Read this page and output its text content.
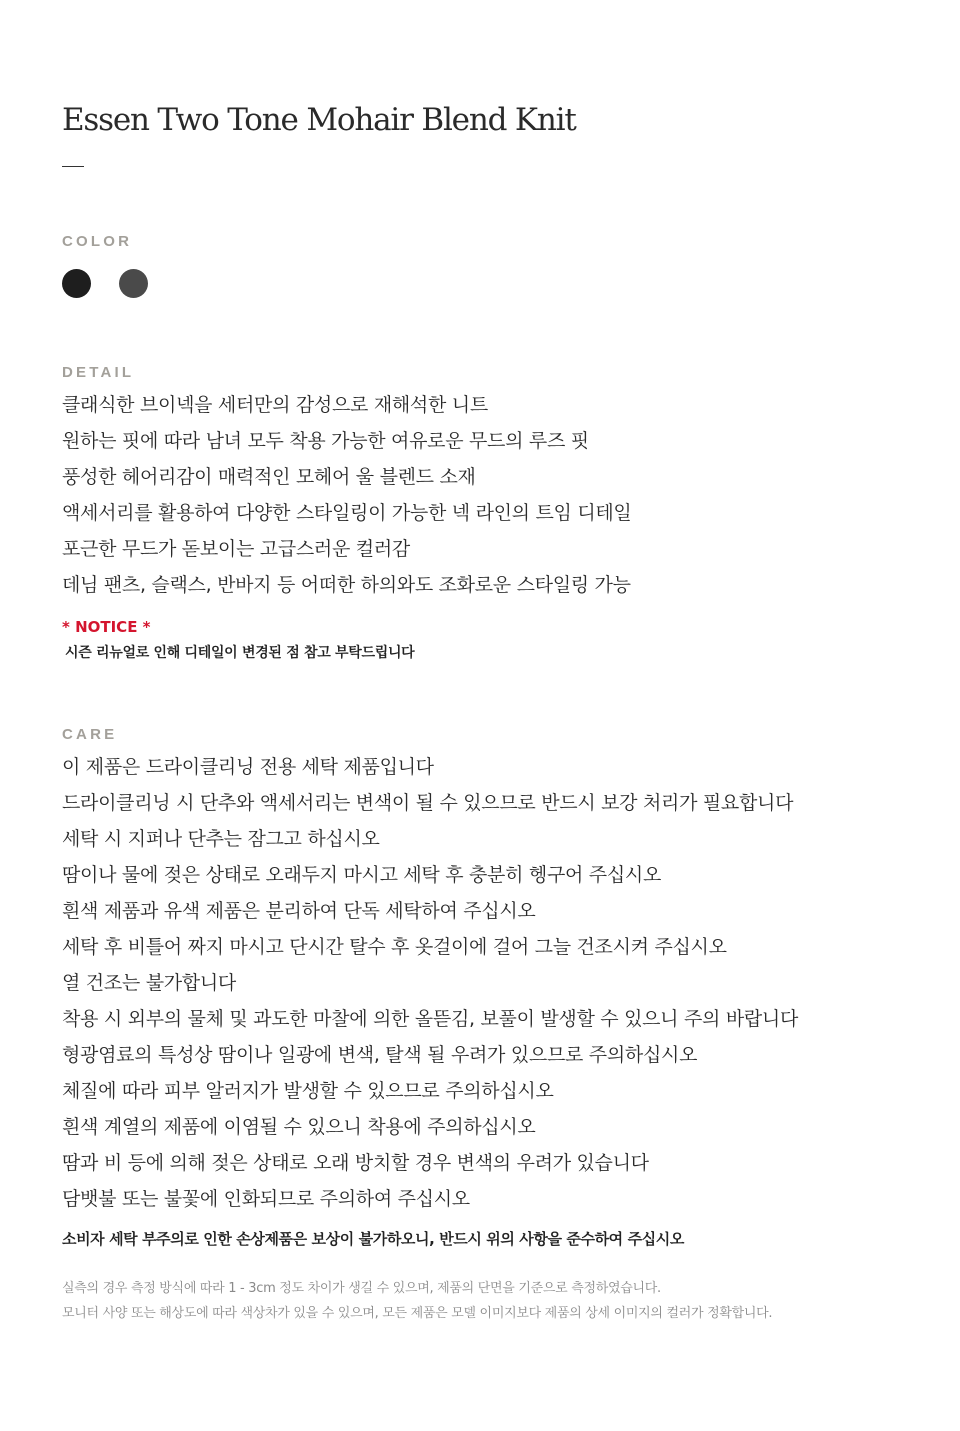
Essen Two Tone Mohair Blend Knit
COLOR
DETAIL
클래식한 브이넥을 세터만의 감성으로 재해석한 니트
원하는 핏에 따라 남녀 모두 착용 가능한 여유로운 무드의 루즈 핏
풍성한 헤어리감이 매력적인 모헤어 울 블렌드 소재
액세서리를 활용하여 다양한 스타일링이 가능한 넥 라인의 트임 디테일
포근한 무드가 돋보이는 고급스러운 컬러감
데님 팬츠, 슬랙스, 반바지 등 어떠한 하의와도 조화로운 스타일링 가능
* NOTICE *
시즌 리뉴얼로 인해 디테일이 변경된 점 참고 부탁드립니다
CARE
이 제품은 드라이클리닝 전용 세탁 제품입니다
드라이클리닝 시 단추와 액세서리는 변색이 될 수 있으므로 반드시 보강 처리가 필요합니다
세탁 시 지퍼나 단추는 잠그고 하십시오
땀이나 물에 젖은 상태로 오래두지 마시고 세탁 후 충분히 헹구어 주십시오
흰색 제품과 유색 제품은 분리하여 단독 세탁하여 주십시오
세탁 후 비틀어 짜지 마시고 단시간 탈수 후 옷걸이에 걸어 그늘 건조시켜 주십시오
열 건조는 불가합니다
착용 시 외부의 물체 및 과도한 마찰에 의한 올뜯김, 보풀이 발생할 수 있으니 주의 바랍니다
형광염료의 특성상 땀이나 일광에 변색, 탈색 될 우려가 있으므로 주의하십시오
체질에 따라 피부 알러지가 발생할 수 있으므로 주의하십시오
흰색 계열의 제품에 이염될 수 있으니 착용에 주의하십시오
땀과 비 등에 의해 젖은 상태로 오래 방치할 경우 변색의 우려가 있습니다
담뱃불 또는 불꽃에 인화되므로 주의하여 주십시오
소비자 세탁 부주의로 인한 손상제품은 보상이 불가하오니, 반드시 위의 사항을 준수하여 주십시오
실측의 경우 측정 방식에 따라 1 - 3cm 정도 차이가 생길 수 있으며, 제품의 단면을 기준으로 측정하였습니다.
모니터 사양 또는 해상도에 따라 색상차가 있을 수 있으며, 모든 제품은 모델 이미지보다 제품의 상세 이미지의 컬러가 정확합니다.
